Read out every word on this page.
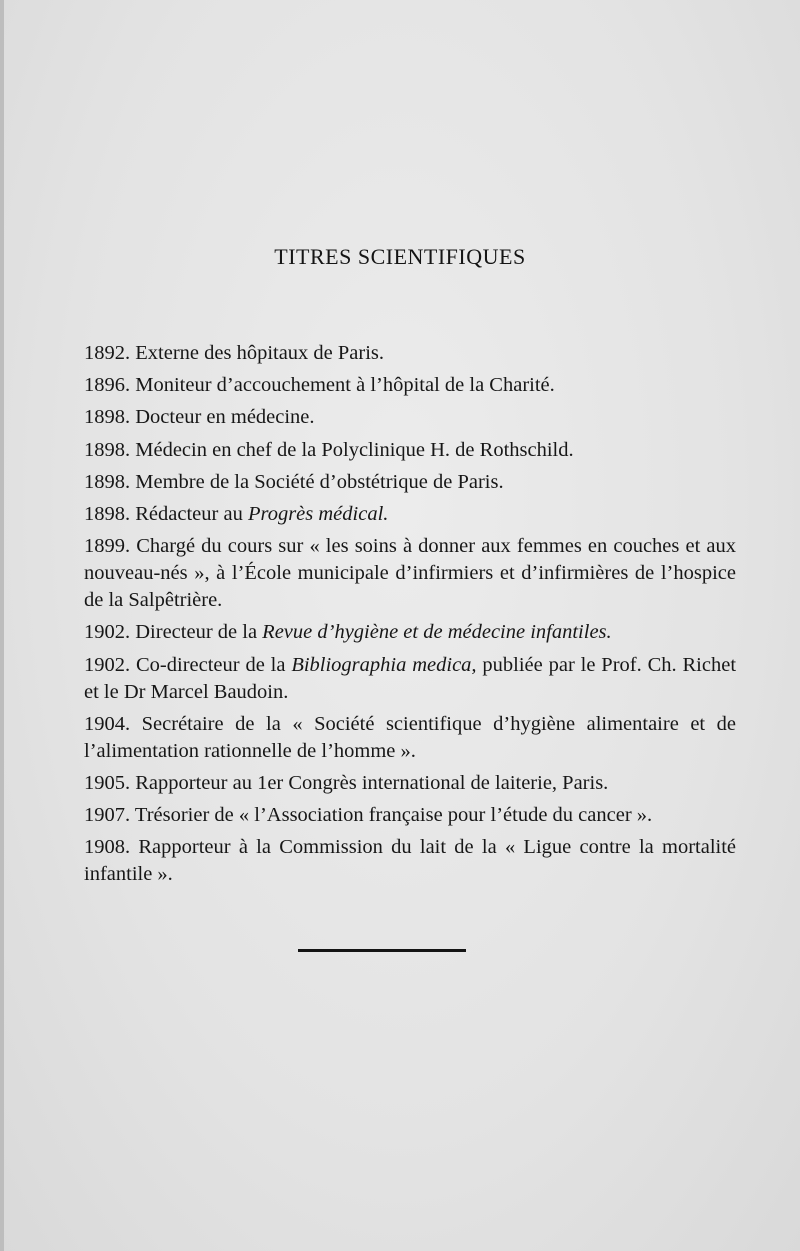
TITRES SCIENTIFIQUES

1892. Externe des hôpitaux de Paris.

1896. Moniteur d’accouchement à l’hôpital de la Charité.

1898. Docteur en médecine.

1898. Médecin en chef de la Polyclinique H. de Rothschild.

1898. Membre de la Société d’obstétrique de Paris.

1898. Rédacteur au Progrès médical.

1899. Chargé du cours sur « les soins à donner aux femmes en couches et aux nouveau-nés », à l’École municipale d’infirmiers et d’infirmières de l’hospice de la Salpêtrière.

1902. Directeur de la Revue d’hygiène et de médecine infantiles.

1902. Co-directeur de la Bibliographia medica, publiée par le Prof. Ch. Richet et le Dr Marcel Baudoin.

1904. Secrétaire de la « Société scientifique d’hygiène alimentaire et de l’alimentation rationnelle de l’homme ».

1905. Rapporteur au 1er Congrès international de laiterie, Paris.

1907. Trésorier de « l’Association française pour l’étude du cancer ».

1908. Rapporteur à la Commission du lait de la « Ligue contre la mortalité infantile ».
